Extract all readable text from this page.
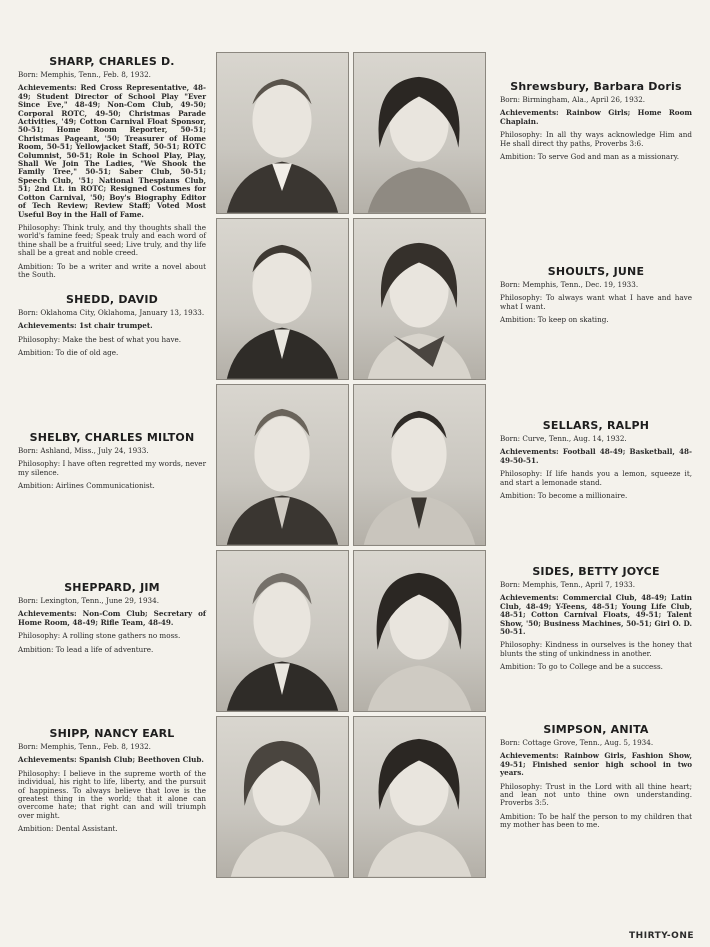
SHARP, CHARLES D.
Born: Memphis, Tenn., Feb. 8, 1932.
Achievements: Red Cross Representative, 48-49; Student Director of School Play "Ever Since Eve," 48-49; Non-Com Club, 49-50; Corporal ROTC, 49-50; Christmas Parade Activities, '49; Cotton Carnival Float Sponsor, 50-51; Home Room Reporter, 50-51; Christmas Pageant, '50; Treasurer of Home Room, 50-51; Yellowjacket Staff, 50-51; ROTC Columnist, 50-51; Role in School Play, Play, Shall We Join The Ladies, "We Shook the Family Tree," 50-51; Saber Club, 50-51; Speech Club, '51; National Thespians Club, 51; 2nd Lt. in ROTC; Resigned Costumes for Cotton Carnival, '50; Boy's Biography Editor of Tech Review; Review Staff; Voted Most Useful Boy in the Hall of Fame.
Philosophy: Think truly, and thy thoughts shall the world's famine feed; Speak truly and each word of thine shall be a fruitful seed; Live truly, and thy life shall be a great and noble creed.
Ambition: To be a writer and write a novel about the South.
SHEDD, DAVID
Born: Oklahoma City, Oklahoma, January 13, 1933.
Achievements: 1st chair trumpet.
Philosophy: Make the best of what you have.
Ambition: To die of old age.
SHELBY, CHARLES MILTON
Born: Ashland, Miss., July 24, 1933.
Philosophy: I have often regretted my words, never my silence.
Ambition: Airlines Communicationist.
SHEPPARD, JIM
Born: Lexington, Tenn., June 29, 1934.
Achievements: Non-Com Club; Secretary of Home Room, 48-49; Rifle Team, 48-49.
Philosophy: A rolling stone gathers no moss.
Ambition: To lead a life of adventure.
SHIPP, NANCY EARL
Born: Memphis, Tenn., Feb. 8, 1932.
Achievements: Spanish Club; Beethoven Club.
Philosophy: I believe in the supreme worth of the individual, his right to life, liberty, and the pursuit of happiness. To always believe that love is the greatest thing in the world; that it alone can overcome hate; that right can and will triumph over might.
Ambition: Dental Assistant.
Shrewsbury, Barbara Doris
Born: Birmingham, Ala., April 26, 1932.
Achievements: Rainbow Girls; Home Room Chaplain.
Philosophy: In all thy ways acknowledge Him and He shall direct thy paths, Proverbs 3:6.
Ambition: To serve God and man as a missionary.
SHOULTS, JUNE
Born: Memphis, Tenn., Dec. 19, 1933.
Philosophy: To always want what I have and have what I want.
Ambition: To keep on skating.
SELLARS, RALPH
Born: Curve, Tenn., Aug. 14, 1932.
Achievements: Football 48-49; Basketball, 48-49-50-51.
Philosophy: If life hands you a lemon, squeeze it, and start a lemonade stand.
Ambition: To become a millionaire.
SIDES, BETTY JOYCE
Born: Memphis, Tenn., April 7, 1933.
Achievements: Commercial Club, 48-49; Latin Club, 48-49; Y-Teens, 48-51; Young Life Club, 48-51; Cotton Carnival Floats, 49-51; Talent Show, '50; Business Machines, 50-51; Girl O. D. 50-51.
Philosophy: Kindness in ourselves is the honey that blunts the sting of unkindness in another.
Ambition: To go to College and be a success.
SIMPSON, ANITA
Born: Cottage Grove, Tenn., Aug. 5, 1934.
Achievements: Rainbow Girls, Fashion Show, 49-51; Finished senior high school in two years.
Philosophy: Trust in the Lord with all thine heart; and lean not unto thine own understanding. Proverbs 3:5.
Ambition: To be half the person to my children that my mother has been to me.
THIRTY-ONE
